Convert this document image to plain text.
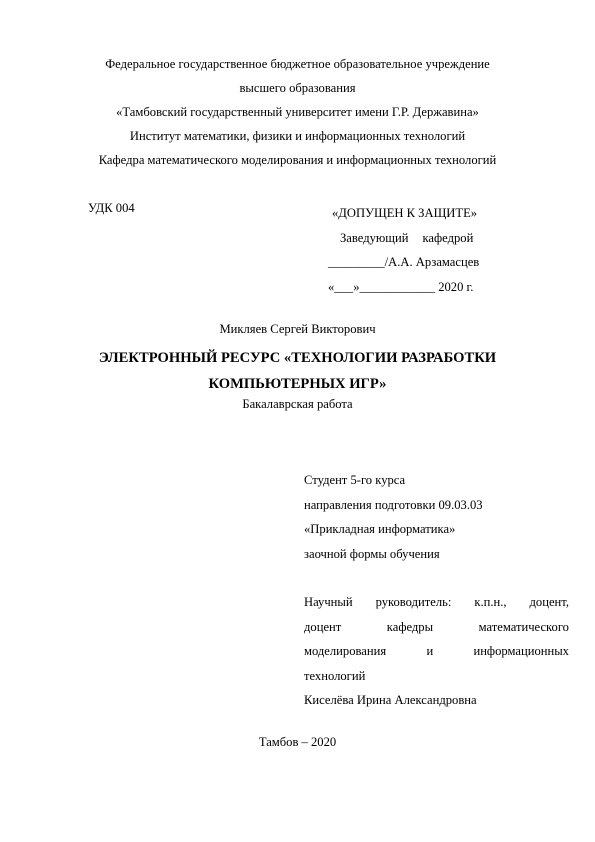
Федеральное государственное бюджетное образовательное учреждение
высшего образования
«Тамбовский государственный университет имени Г.Р. Державина»
Институт математики, физики и информационных технологий
Кафедра математического моделирования и информационных технологий
УДК 004	«ДОПУЩЕН К ЗАЩИТЕ»
Заведующий кафедрой
_________/А.А. Арзамасцев
«___»____________ 2020 г.
Микляев Сергей Викторович
ЭЛЕКТРОННЫЙ РЕСУРС «ТЕХНОЛОГИИ РАЗРАБОТКИ
КОМПЬЮТЕРНЫХ ИГР»
Бакалаврская работа
Студент 5-го курса
направления подготовки 09.03.03
«Прикладная информатика»
заочной формы обучения
Научный руководитель: к.п.н., доцент,
доцент	кафедры	математического
моделирования	и	информационных
технологий
Киселёва Ирина Александровна
Тамбов – 2020
